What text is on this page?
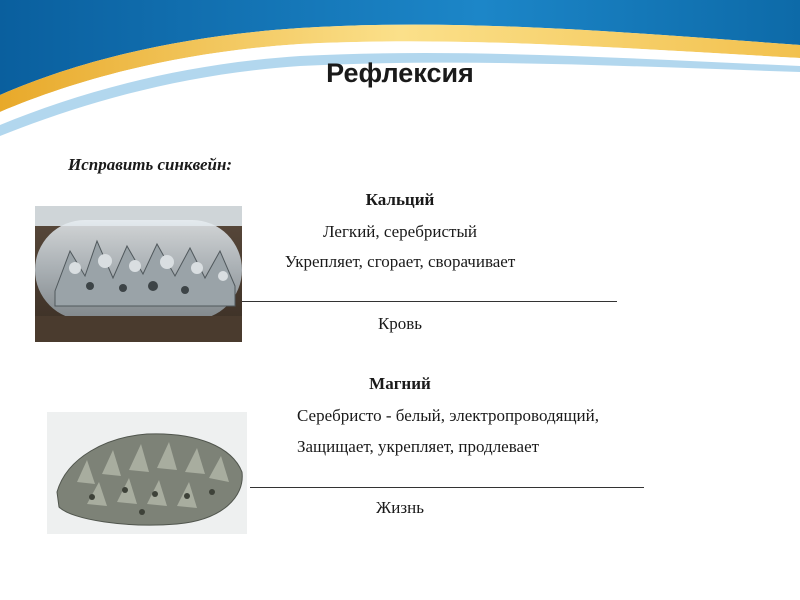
Рефлексия
Исправить синквейн:
Кальций
Легкий, серебристый
Укрепляет, сгорает, сворачивает
Кровь
Магний
Серебристо - белый, электропроводящий,
Защищает, укрепляет, продлевает
Жизнь
